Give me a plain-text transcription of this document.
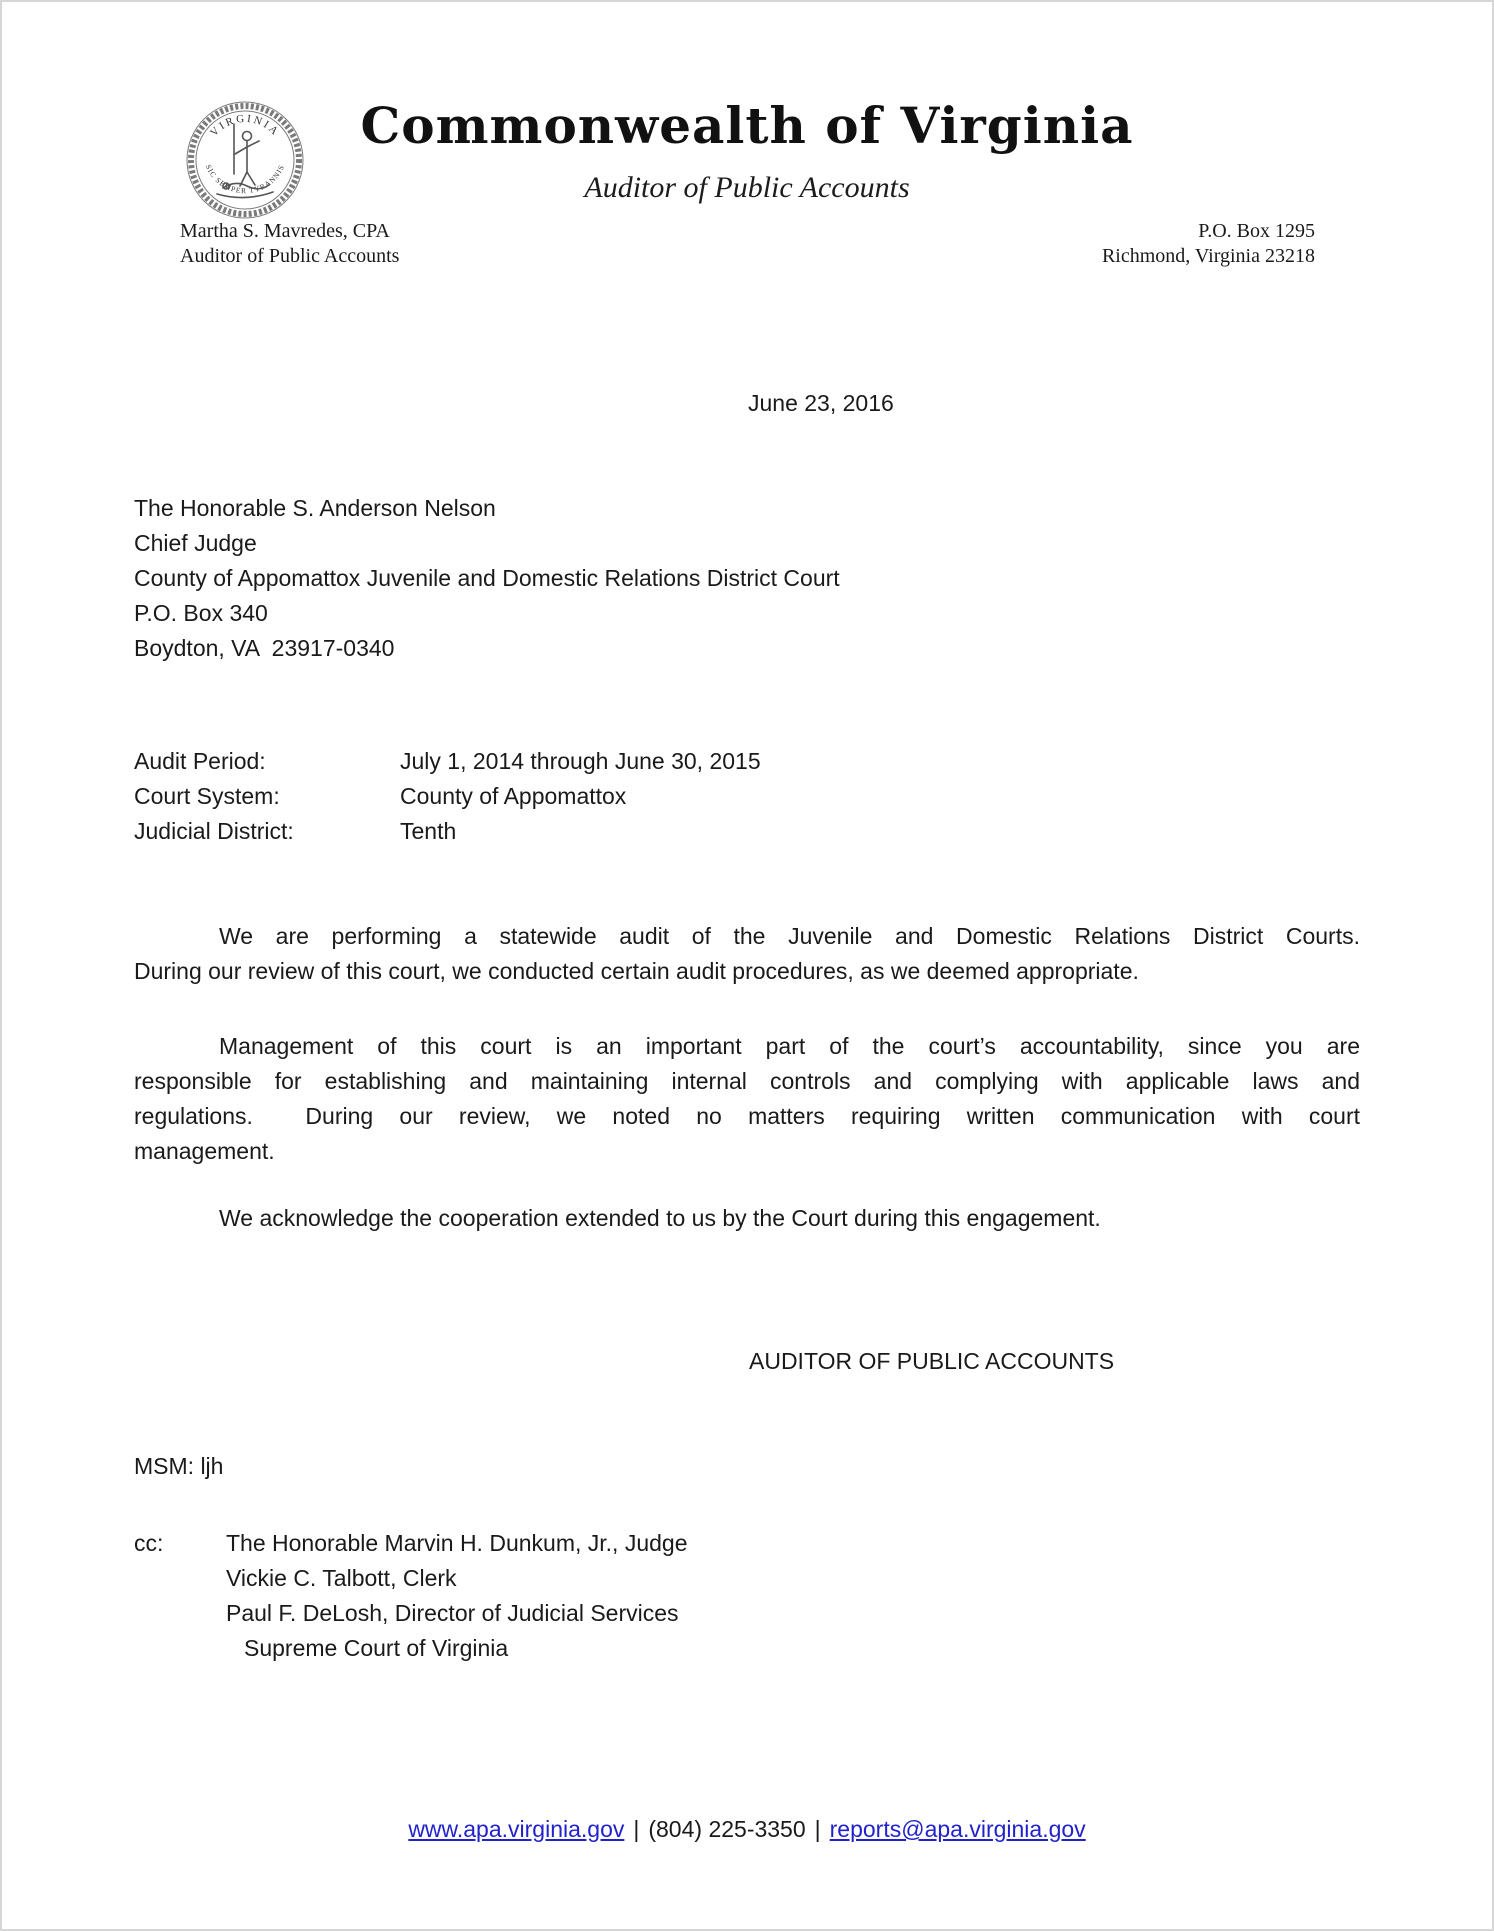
VIRGINIA
SIC SEMPER TYRANNIS
Commonwealth of Virginia
Auditor of Public Accounts
Martha S. Mavredes, CPA
Auditor of Public Accounts
P.O. Box 1295
Richmond, Virginia 23218
June 23, 2016
The Honorable S. Anderson Nelson
Chief Judge
County of Appomattox Juvenile and Domestic Relations District Court
P.O. Box 340
Boydton, VA  23917-0340
Audit Period:	July 1, 2014 through June 30, 2015
Court System:	County of Appomattox
Judicial District:	Tenth
We are performing a statewide audit of the Juvenile and Domestic Relations District Courts.
During our review of this court, we conducted certain audit procedures, as we deemed appropriate.
Management of this court is an important part of the court’s accountability, since you are
responsible for establishing and maintaining internal controls and complying with applicable laws and
regulations.  During our review, we noted no matters requiring written communication with court
management.
We acknowledge the cooperation extended to us by the Court during this engagement.
AUDITOR OF PUBLIC ACCOUNTS
MSM: ljh
cc:	The Honorable Marvin H. Dunkum, Jr., Judge
Vickie C. Talbott, Clerk
Paul F. DeLosh, Director of Judicial Services
Supreme Court of Virginia
www.apa.virginia.gov | (804) 225-3350 | reports@apa.virginia.gov
